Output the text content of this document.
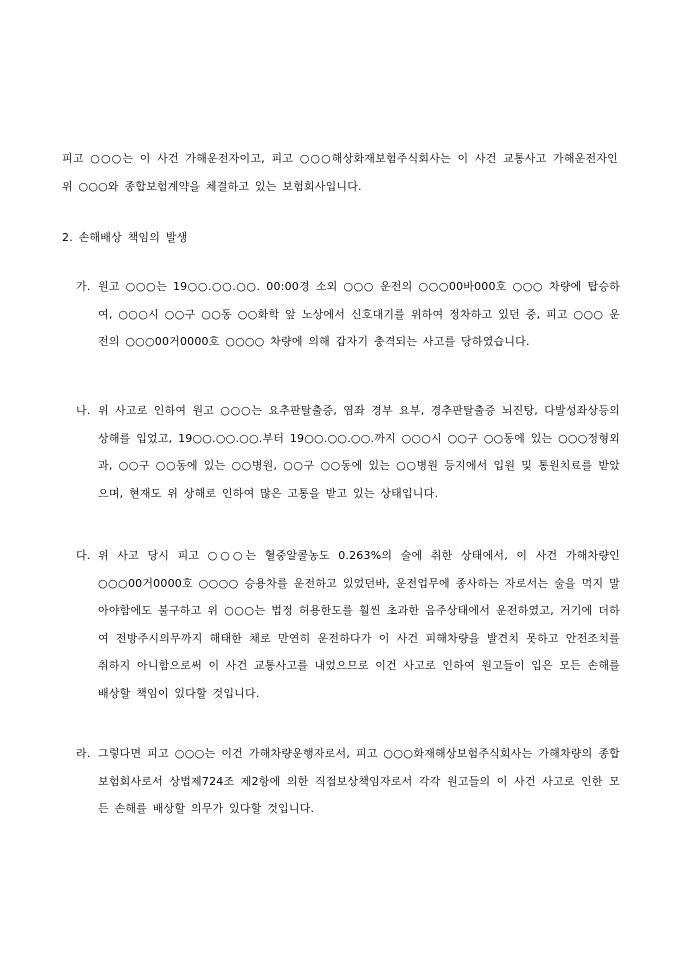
피고 ○○○는 이 사건 가해운전자이고, 피고 ○○○해상화재보험주식회사는 이 사건 교통사고 가해운전자인 위 ○○○와 종합보험계약을 체결하고 있는 보험회사입니다.

2. 손해배상 책임의 발생

가. 원고 ○○○는 19○○.○○.○○. 00:00경 소외 ○○○ 운전의 ○○○00바000호 ○○○ 차량에 탑승하여, ○○○시 ○○구 ○○동 ○○화학 앞 노상에서 신호대기를 위하여 정차하고 있던 중, 피고 ○○○ 운전의 ○○○00거0000호 ○○○○ 차량에 의해 갑자기 충격되는 사고를 당하였습니다.
나. 위 사고로 인하여 원고 ○○○는 요추판탈출증, 염좌 경부 요부, 경추판탈출증 뇌진탕, 다발성좌상등의 상해를 입었고, 19○○.○○.○○.부터 19○○.○○.○○.까지 ○○○시 ○○구 ○○동에 있는 ○○○정형외과, ○○구 ○○동에 있는 ○○병원, ○○구 ○○동에 있는 ○○병원 등지에서 입원 및 통원치료를 받았으며, 현재도 위 상해로 인하여 많은 고통을 받고 있는 상태입니다.
다. 위 사고 당시 피고 ○○○는 혈중알콜농도 0.263%의 술에 취한 상태에서, 이 사건 가해차량인 ○○○00거0000호 ○○○○ 승용차를 운전하고 있었던바, 운전업무에 종사하는 자로서는 술을 먹지 말아야함에도 불구하고 위 ○○○는 법정 허용한도를 훨씬 초과한 음주상태에서 운전하였고, 거기에 더하여 전방주시의무까지 해태한 채로 만연히 운전하다가 이 사건 피해차량을 발견치 못하고 안전조치를 취하지 아니함으로써 이 사건 교통사고를 내었으므로 이건 사고로 인하여 원고들이 입은 모든 손해를 배상할 책임이 있다할 것입니다.
라. 그렇다면 피고 ○○○는 이건 가해차량운행자로서, 피고 ○○○화재해상보험주식회사는 가해차량의 종합보험회사로서 상법제724조 제2항에 의한 직접보상책임자로서 각각 원고들의 이 사건 사고로 인한 모든 손해를 배상할 의무가 있다할 것입니다.
